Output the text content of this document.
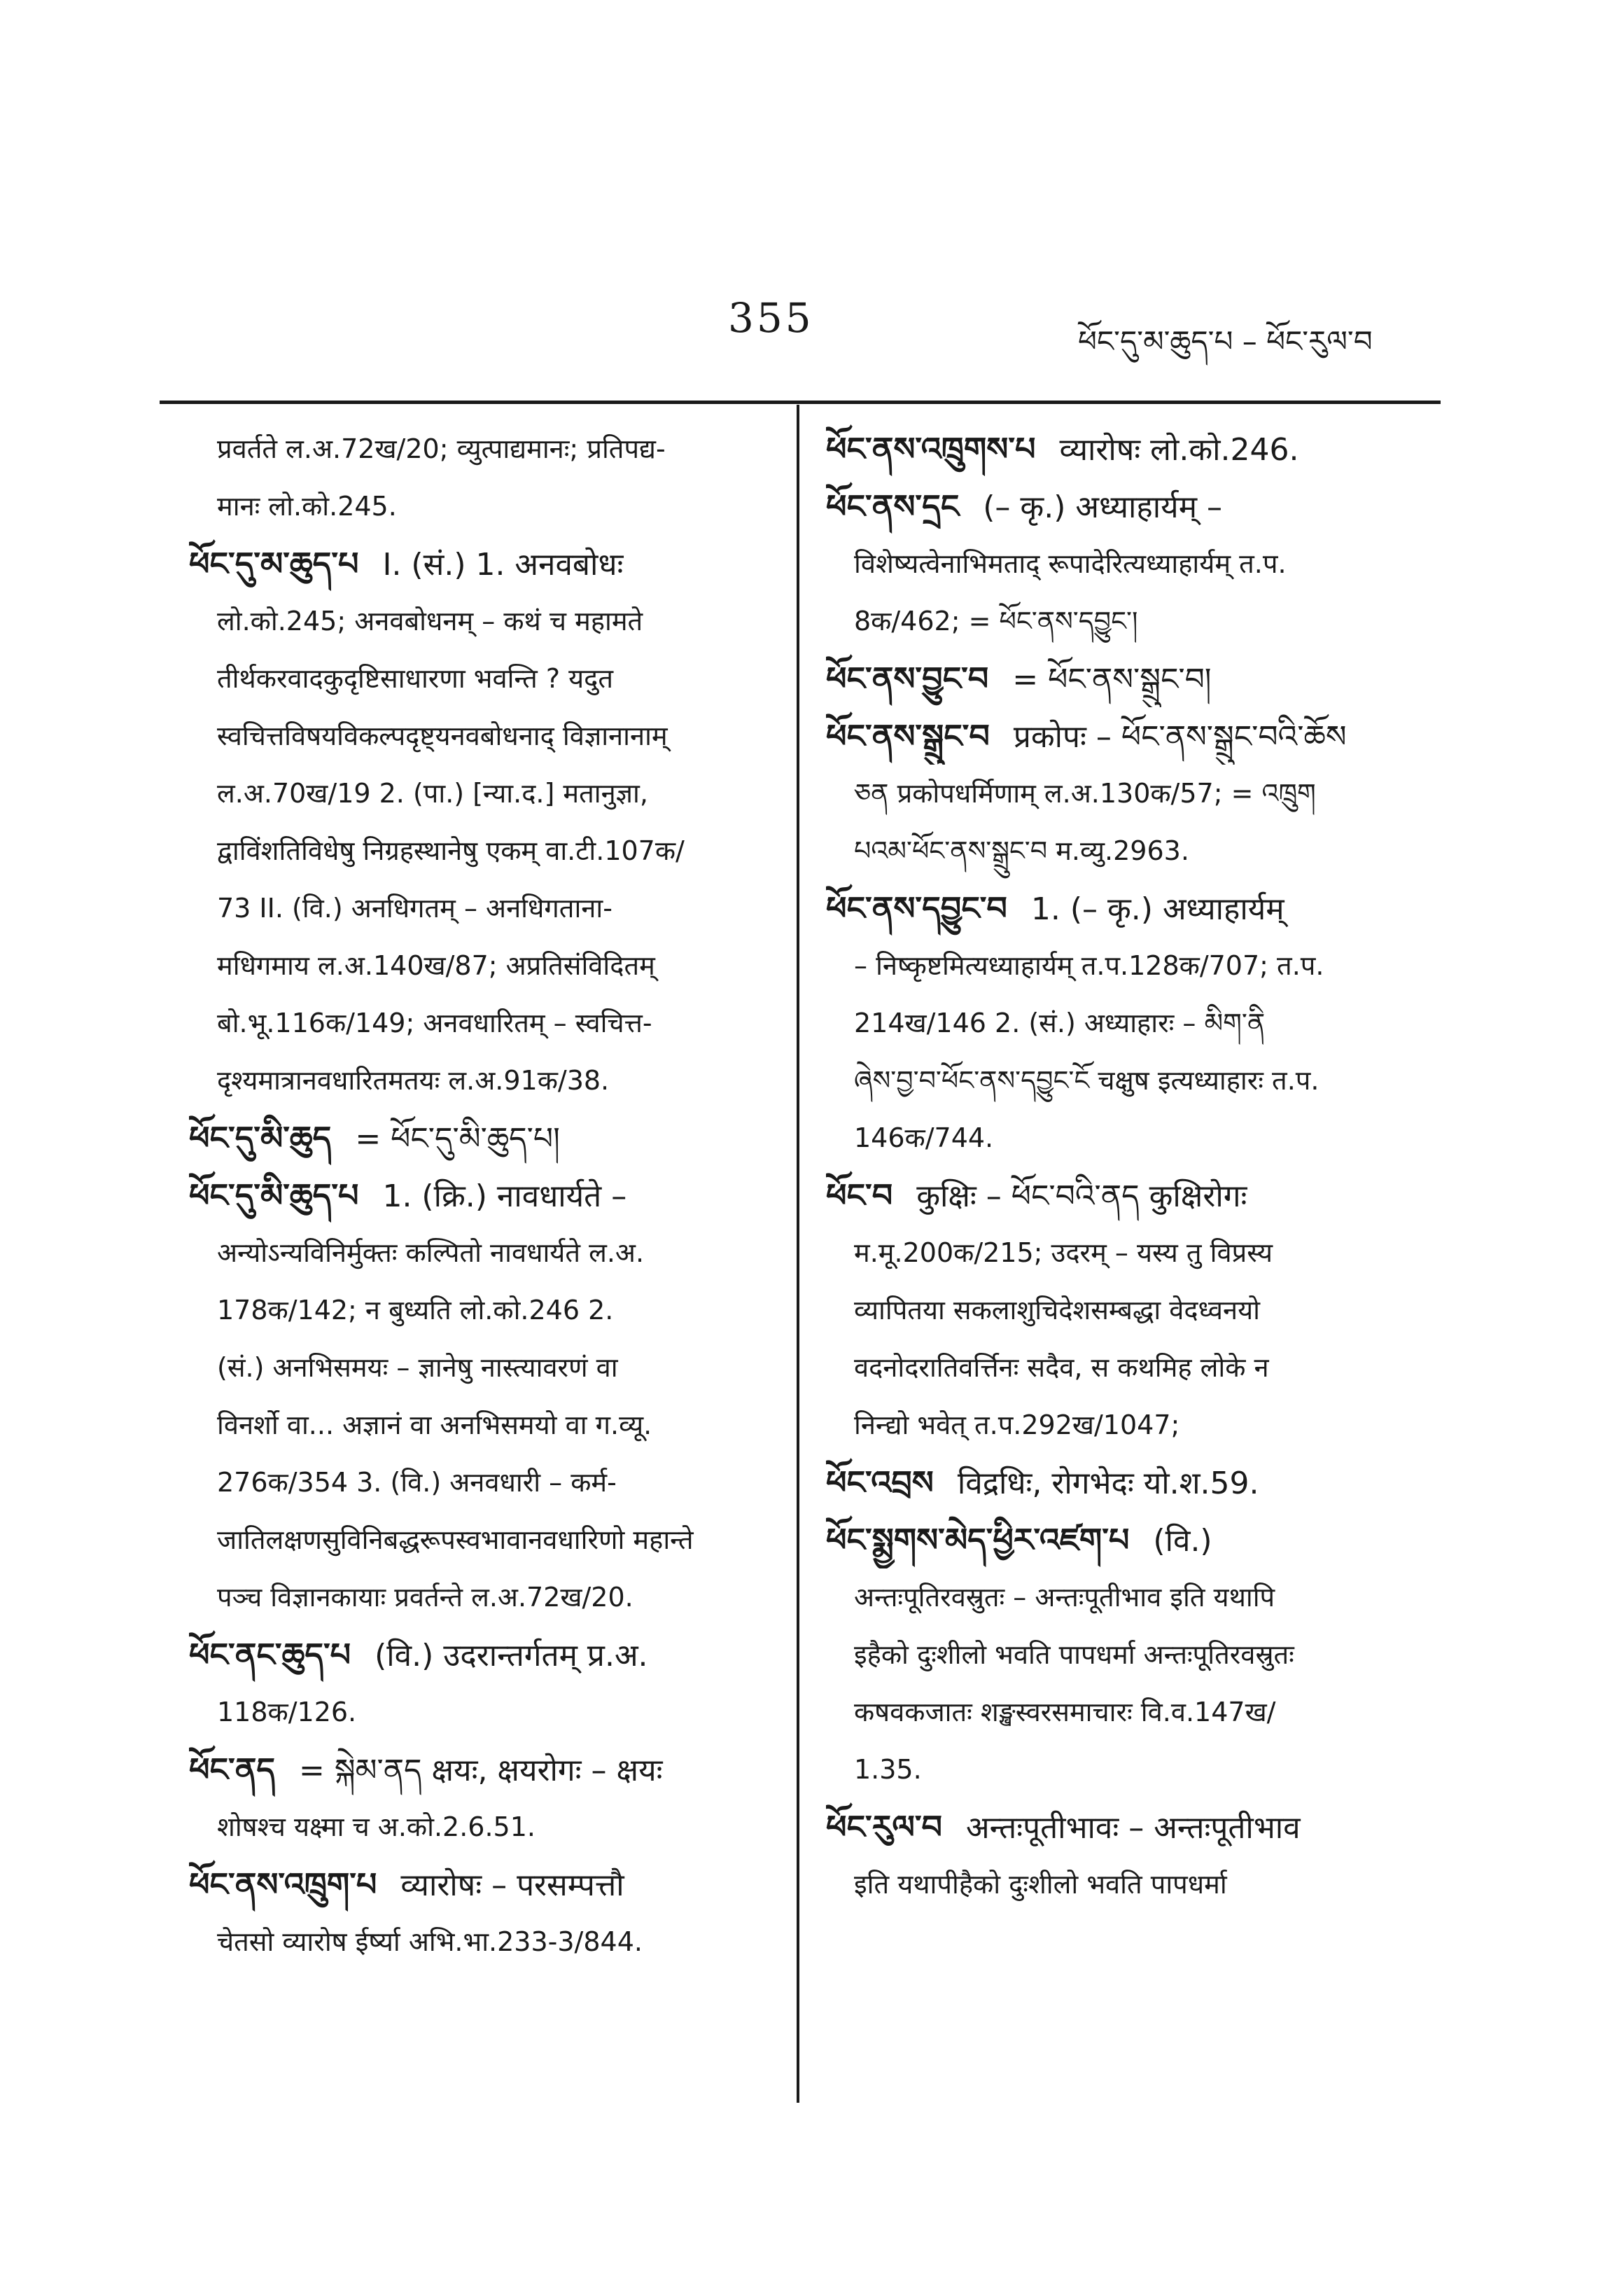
355	ཕོང་དུ་མ་ཆུད་པ – ཕོང་རུལ་བ
प्रवर्तते ल.अ.72ख/20; व्युत्पाद्यमानः; प्रतिपद्य-
मानः लो.को.245.
ཕོང་དུ་མ་ཆུད་པ I. (सं.) 1. अनवबोधः
लो.को.245; अनवबोधनम् – कथं च महामते
तीर्थकरवादकुदृष्टिसाधारणा भवन्ति ? यदुत
स्वचित्तविषयविकल्पदृष्ट्यनवबोधनाद् विज्ञानानाम्
ल.अ.70ख/19 2. (पा.) [न्या.द.] मतानुज्ञा,
द्वाविंशतिविधेषु निग्रहस्थानेषु एकम् वा.टी.107क/
73 II. (वि.) अनधिगतम् – अनधिगताना-
मधिगमाय ल.अ.140ख/87; अप्रतिसंविदितम्
बो.भू.116क/149; अनवधारितम् – स्वचित्त-
दृश्यमात्रानवधारितमतयः ल.अ.91क/38.
ཕོང་དུ་མི་ཆུད = ཕོང་དུ་མི་ཆུད་པ།
ཕོང་དུ་མི་ཆུད་པ 1. (क्रि.) नावधार्यते –
अन्योऽन्यविनिर्मुक्तः कल्पितो नावधार्यते ल.अ.
178क/142; न बुध्यति लो.को.246 2.
(सं.) अनभिसमयः – ज्ञानेषु नास्त्यावरणं वा
विनर्शो वा... अज्ञानं वा अनभिसमयो वा ग.व्यू.
276क/354 3. (वि.) अनवधारी – कर्म-
जातिलक्षणसुविनिबद्धरूपस्वभावानवधारिणो महान्ते
पञ्च विज्ञानकायाः प्रवर्तन्ते ल.अ.72ख/20.
ཕོང་ནང་ཆུད་པ (वि.) उदरान्तर्गतम् प्र.अ.
118क/126.
ཕོང་ནད = སྐེམ་ནད क्षयः, क्षयरोगः – क्षयः
शोषश्च यक्ष्मा च अ.को.2.6.51.
ཕོང་ནས་འཁྲུག་པ व्यारोषः – परसम्पत्तौ
चेतसो व्यारोष ईर्ष्या अभि.भा.233-3/844.
ཕོང་ནས་འཁྲུགས་པ व्यारोषः लो.को.246.
ཕོང་ནས་དྲང (– कृ.) अध्याहार्यम् –
विशेष्यत्वेनाभिमताद् रूपादेरित्यध्याहार्यम् त.प.
8क/462; = ཕོང་ནས་དབྱུང་།
ཕོང་ནས་བྱུང་བ = ཕོང་ནས་སྒྲུང་བ།
ཕོང་ནས་སྒྲུང་བ प्रकोपः – ཕོང་ནས་སྒྲུང་བའི་ཆོས
ཅན प्रकोपधर्मिणाम् ल.अ.130क/57; = འཁྲུག
པའམ་ཕོང་ནས་སྒྲུང་བ म.व्यु.2963.
ཕོང་ནས་དབྱུང་བ 1. (– कृ.) अध्याहार्यम्
– निष्कृष्टमित्यध्याहार्यम् त.प.128क/707; त.प.
214ख/146 2. (सं.) अध्याहारः – མིག་ནི
ཞེས་བྱ་བ་ཕོང་ནས་དབྱུང་ངོ चक्षुष इत्यध्याहारः त.प.
146क/744.
ཕོང་བ कुक्षिः – ཕོང་བའི་ནད कुक्षिरोगः
म.मू.200क/215; उदरम् – यस्य तु विप्रस्य
व्यापितया सकलाशुचिदेशसम्बद्धा वेदध्वनयो
वदनोदरातिवर्त्तिनः सदैव, स कथमिह लोके न
निन्द्यो भवेत् त.प.292ख/1047;
ཕོང་འབྲས विद्रधिः, रोगभेदः यो.श.59.
ཕོང་སྨྱགས་མེད་ཕྱིར་འཛག་པ (वि.)
अन्तःपूतिरवस्रुतः – अन्तःपूतीभाव इति यथापि
इहैको दुःशीलो भवति पापधर्मा अन्तःपूतिरवस्रुतः
कषवकजातः शङ्खस्वरसमाचारः वि.व.147ख/
1.35.
ཕོང་རུལ་བ अन्तःपूतीभावः – अन्तःपूतीभाव
इति यथापीहैको दुःशीलो भवति पापधर्मा
